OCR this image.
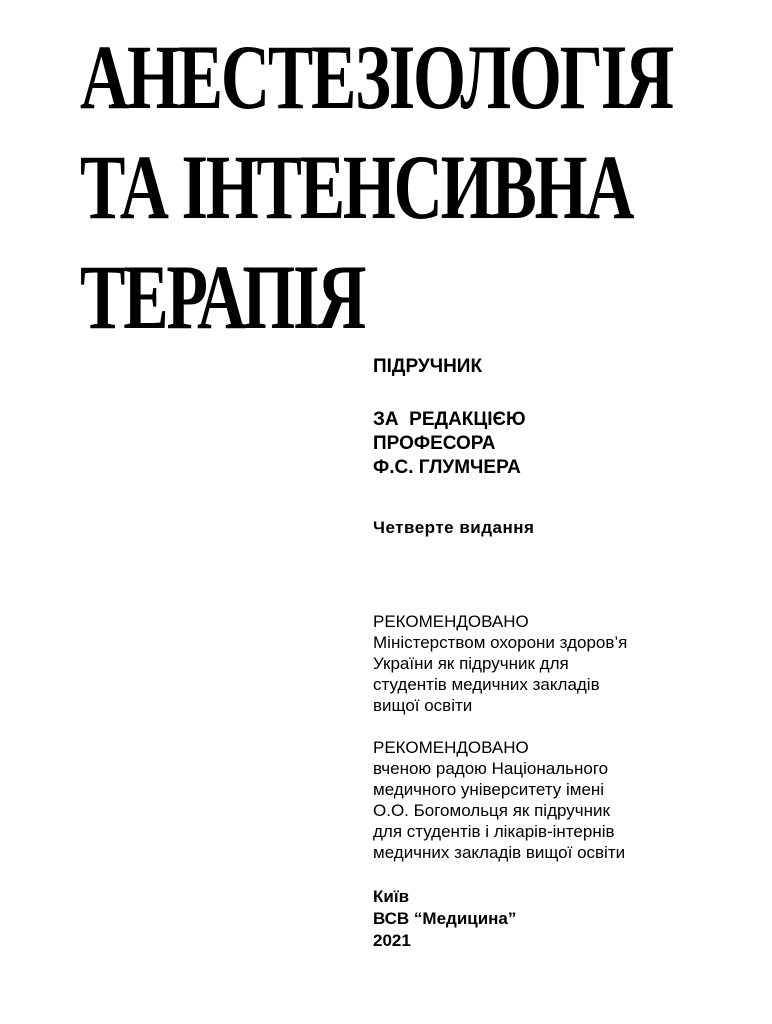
АНЕСТЕЗІОЛОГІЯ
ТА ІНТЕНСИВНА
ТЕРАПІЯ
ПІДРУЧНИК
ЗА  РЕДАКЦІЄЮ
ПРОФЕСОРА
Ф.С. ГЛУМЧЕРА
Четверте видання
РЕКОМЕНДОВАНО
Міністерством охорони здоров’я
України як підручник для
студентів медичних закладів
вищої освіти
РЕКОМЕНДОВАНО
вченою радою Національного
медичного університету імені
О.О. Богомольця як підручник
для студентів і лікарів-інтернів
медичних закладів вищої освіти
Київ
ВСВ “Медицина”
2021
